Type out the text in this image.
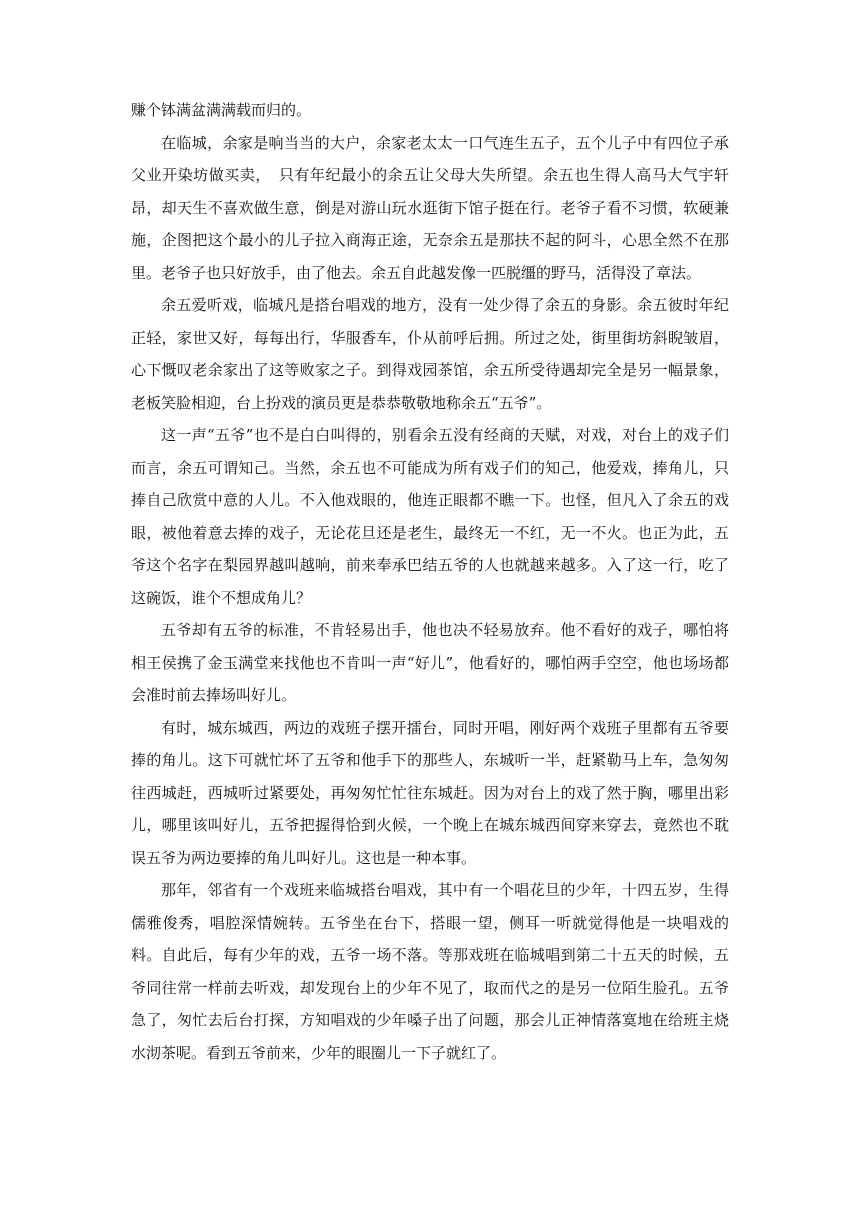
赚个钵满盆满满载而归的。

在临城，余家是响当当的大户，余家老太太一口气连生五子，五个儿子中有四位子承父业开染坊做买卖，　只有年纪最小的余五让父母大失所望。余五也生得人高马大气宇轩昂，却天生不喜欢做生意，倒是对游山玩水逛街下馆子挺在行。老爷子看不习惯，软硬兼施，企图把这个最小的儿子拉入商海正途，无奈余五是那扶不起的阿斗，心思全然不在那里。老爷子也只好放手，由了他去。余五自此越发像一匹脱缰的野马，活得没了章法。

余五爱听戏，临城凡是搭台唱戏的地方，没有一处少得了余五的身影。余五彼时年纪正轻，家世又好，每每出行，华服香车，仆从前呼后拥。所过之处，街里街坊斜睨皱眉，心下慨叹老余家出了这等败家之子。到得戏园茶馆，余五所受待遇却完全是另一幅景象，老板笑脸相迎，台上扮戏的演员更是恭恭敬敬地称余五“五爷”。

这一声“五爷”也不是白白叫得的，别看余五没有经商的天赋，对戏，对台上的戏子们而言，余五可谓知己。当然，余五也不可能成为所有戏子们的知己，他爱戏，捧角儿，只捧自己欣赏中意的人儿。不入他戏眼的，他连正眼都不瞧一下。也怪，但凡入了余五的戏眼，被他着意去捧的戏子，无论花旦还是老生，最终无一不红，无一不火。也正为此，五爷这个名字在梨园界越叫越响，前来奉承巴结五爷的人也就越来越多。入了这一行，吃了这碗饭，谁个不想成角儿？

五爷却有五爷的标准，不肯轻易出手，他也决不轻易放弃。他不看好的戏子，哪怕将相王侯携了金玉满堂来找他也不肯叫一声“好儿”，他看好的，哪怕两手空空，他也场场都会准时前去捧场叫好儿。

有时，城东城西，两边的戏班子摆开擂台，同时开唱，刚好两个戏班子里都有五爷要捧的角儿。这下可就忙坏了五爷和他手下的那些人，东城听一半，赶紧勒马上车，急匆匆往西城赶，西城听过紧要处，再匆匆忙忙往东城赶。因为对台上的戏了然于胸，哪里出彩儿，哪里该叫好儿，五爷把握得恰到火候，一个晚上在城东城西间穿来穿去，竟然也不耽误五爷为两边要捧的角儿叫好儿。这也是一种本事。

那年，邻省有一个戏班来临城搭台唱戏，其中有一个唱花旦的少年，十四五岁，生得儒雅俊秀，唱腔深情婉转。五爷坐在台下，搭眼一望，侧耳一听就觉得他是一块唱戏的料。自此后，每有少年的戏，五爷一场不落。等那戏班在临城唱到第二十五天的时候，五爷同往常一样前去听戏，却发现台上的少年不见了，取而代之的是另一位陌生脸孔。五爷急了，匆忙去后台打探，方知唱戏的少年嗓子出了问题，那会儿正神情落寞地在给班主烧水沏茶呢。看到五爷前来，少年的眼圈儿一下子就红了。
